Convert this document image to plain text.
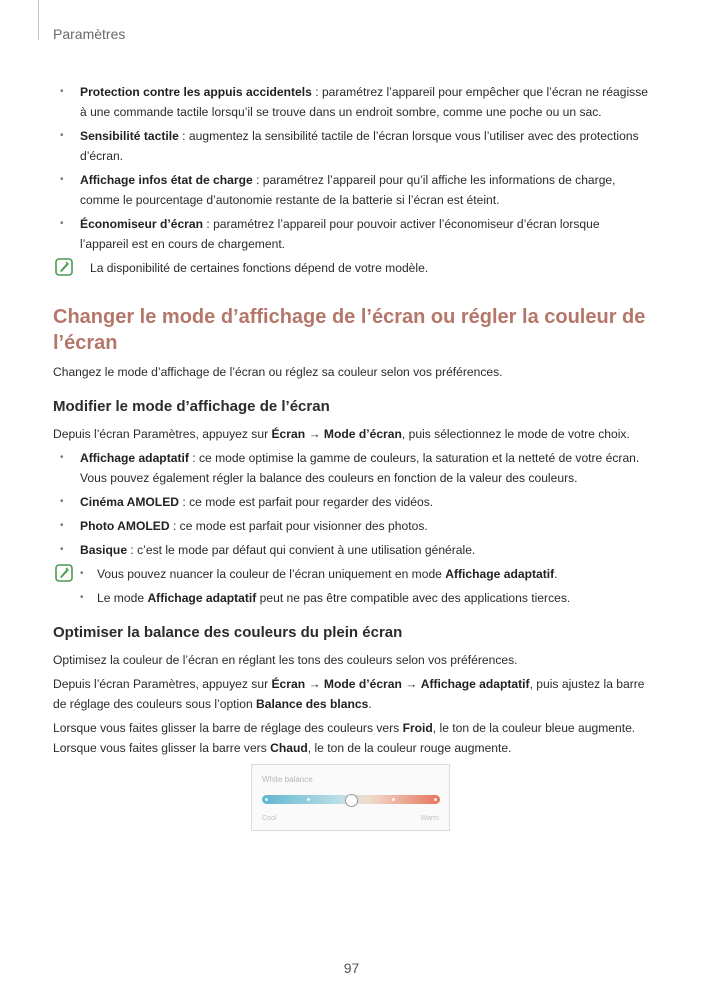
Paramètres
• Protection contre les appuis accidentels : paramétrez l’appareil pour empêcher que l’écran ne réagisse à une commande tactile lorsqu’il se trouve dans un endroit sombre, comme une poche ou un sac.
• Sensibilité tactile : augmentez la sensibilité tactile de l’écran lorsque vous l’utiliser avec des protections d’écran.
• Affichage infos état de charge : paramétrez l’appareil pour qu’il affiche les informations de charge, comme le pourcentage d’autonomie restante de la batterie si l’écran est éteint.
• Économiseur d’écran : paramétrez l’appareil pour pouvoir activer l’économiseur d’écran lorsque l’appareil est en cours de chargement.
La disponibilité de certaines fonctions dépend de votre modèle.
Changer le mode d’affichage de l’écran ou régler la couleur de l’écran

Changez le mode d’affichage de l’écran ou réglez sa couleur selon vos préférences.

Modifier le mode d’affichage de l’écran

Depuis l’écran Paramètres, appuyez sur Écran → Mode d’écran, puis sélectionnez le mode de votre choix.

• Affichage adaptatif : ce mode optimise la gamme de couleurs, la saturation et la netteté de votre écran. Vous pouvez également régler la balance des couleurs en fonction de la valeur des couleurs.
• Cinéma AMOLED : ce mode est parfait pour regarder des vidéos.
• Photo AMOLED : ce mode est parfait pour visionner des photos.
• Basique : c’est le mode par défaut qui convient à une utilisation générale.
• Vous pouvez nuancer la couleur de l’écran uniquement en mode Affichage adaptatif.
• Le mode Affichage adaptatif peut ne pas être compatible avec des applications tierces.
Optimiser la balance des couleurs du plein écran

Optimisez la couleur de l’écran en réglant les tons des couleurs selon vos préférences.

Depuis l’écran Paramètres, appuyez sur Écran → Mode d’écran → Affichage adaptatif, puis ajustez la barre de réglage des couleurs sous l’option Balance des blancs.

Lorsque vous faites glisser la barre de réglage des couleurs vers Froid, le ton de la couleur bleue augmente. Lorsque vous faites glisser la barre vers Chaud, le ton de la couleur rouge augmente.

White balance
Cool	Warm
97
